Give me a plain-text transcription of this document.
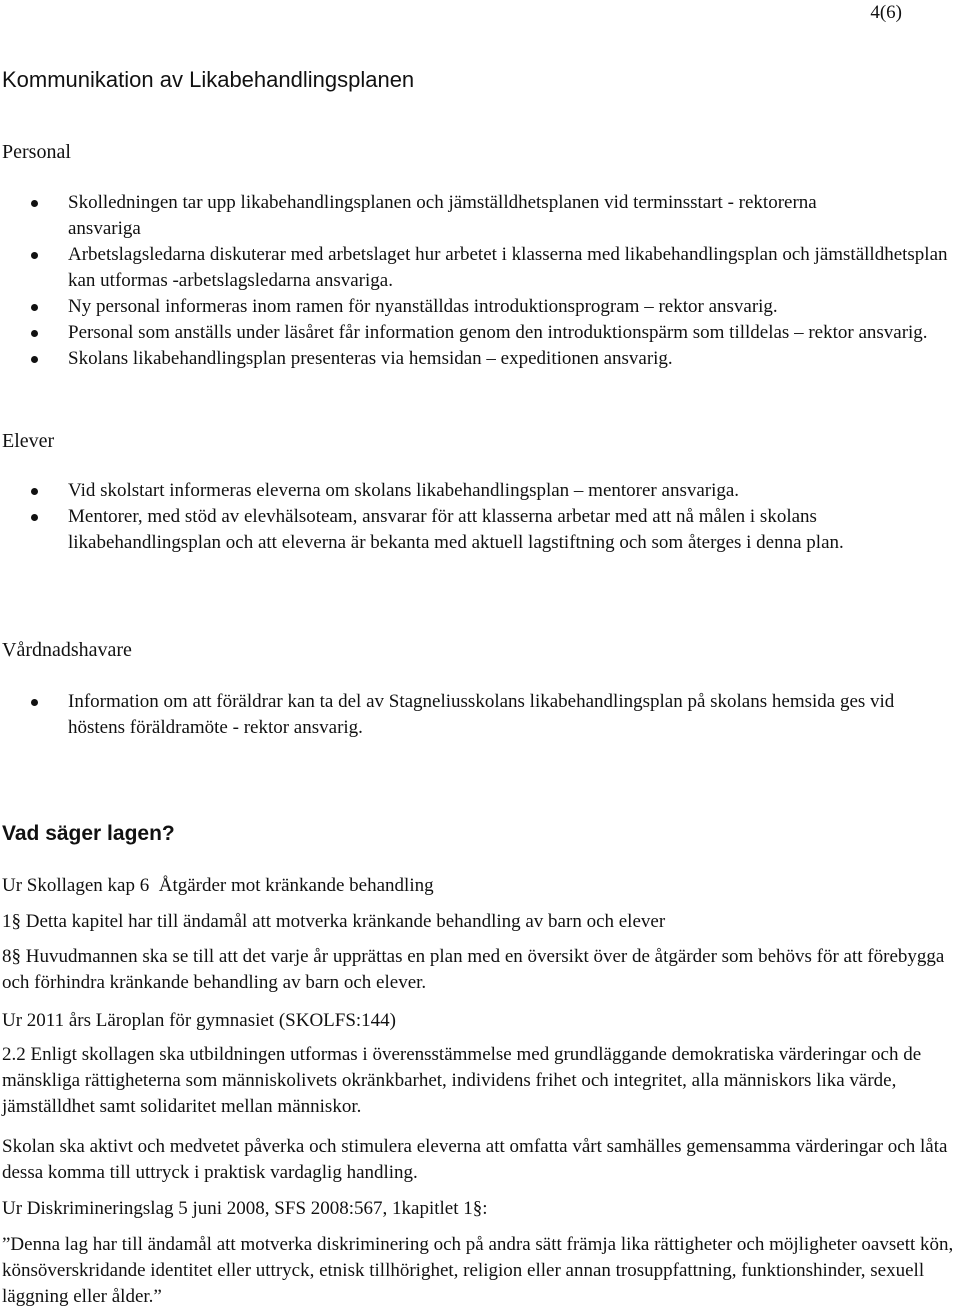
4(6)
Kommunikation av Likabehandlingsplanen
Personal
Skolledningen tar upp likabehandlingsplanen och jämställdhetsplanen vid terminsstart - rektorerna ansvariga
Arbetslagsledarna diskuterar med arbetslaget hur arbetet i klasserna med likabehandlingsplan och jämställdhetsplan kan utformas -arbetslagsledarna ansvariga.
Ny personal informeras inom ramen för nyanställdas introduktionsprogram – rektor ansvarig.
Personal som anställs under läsåret får information genom den introduktionspärm som tilldelas – rektor ansvarig.
Skolans likabehandlingsplan presenteras via hemsidan – expeditionen ansvarig.
Elever
Vid skolstart informeras eleverna om skolans likabehandlingsplan – mentorer ansvariga.
Mentorer, med stöd av elevhälsoteam, ansvarar för att klasserna arbetar med att nå målen i skolans likabehandlingsplan och att eleverna är bekanta med aktuell lagstiftning och som återges i denna plan.
Vårdnadshavare
Information om att föräldrar kan ta del av Stagneliusskolans likabehandlingsplan på skolans hemsida ges vid höstens föräldramöte - rektor ansvarig.
Vad säger lagen?

Ur Skollagen kap 6  Åtgärder mot kränkande behandling

1§ Detta kapitel har till ändamål att motverka kränkande behandling av barn och elever

8§ Huvudmannen ska se till att det varje år upprättas en plan med en översikt över de åtgärder som behövs för att förebygga och förhindra kränkande behandling av barn och elever.

Ur 2011 års Läroplan för gymnasiet (SKOLFS:144)

2.2 Enligt skollagen ska utbildningen utformas i överensstämmelse med grundläggande demokratiska värderingar och de mänskliga rättigheterna som människolivets okränkbarhet, individens frihet och integritet, alla människors lika värde, jämställdhet samt solidaritet mellan människor.

Skolan ska aktivt och medvetet påverka och stimulera eleverna att omfatta vårt samhälles gemensamma värderingar och låta dessa komma till uttryck i praktisk vardaglig handling.

Ur Diskrimineringslag 5 juni 2008, SFS 2008:567, 1kapitlet 1§:

”Denna lag har till ändamål att motverka diskriminering och på andra sätt främja lika rättigheter och möjligheter oavsett kön, könsöverskridande identitet eller uttryck, etnisk tillhörighet, religion eller annan trosuppfattning, funktionshinder, sexuell läggning eller ålder.”
